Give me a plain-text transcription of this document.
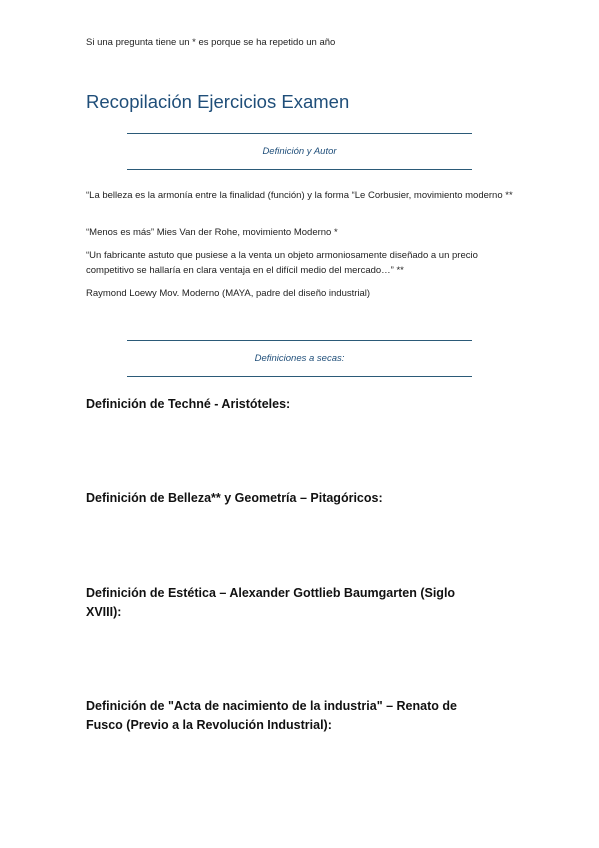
Si una pregunta tiene un * es porque se ha repetido un año
Recopilación Ejercicios Examen
Definición y Autor

“La belleza es la armonía entre la finalidad (función) y la forma “Le Corbusier, movimiento moderno **

“Menos es más” Mies Van der Rohe, movimiento Moderno *

“Un fabricante astuto que pusiese a la venta un objeto armoniosamente diseñado a un precio competitivo se hallaría en clara ventaja en el difícil medio del mercado…” **

Raymond Loewy Mov. Moderno (MAYA, padre del diseño industrial)

Definiciones a secas:
Definición de Techné - Aristóteles:
Definición de Belleza** y Geometría – Pitagóricos:
Definición de Estética – Alexander Gottlieb Baumgarten (Siglo XVIII):
Definición de "Acta de nacimiento de la industria" – Renato de Fusco (Previo a la Revolución Industrial):
